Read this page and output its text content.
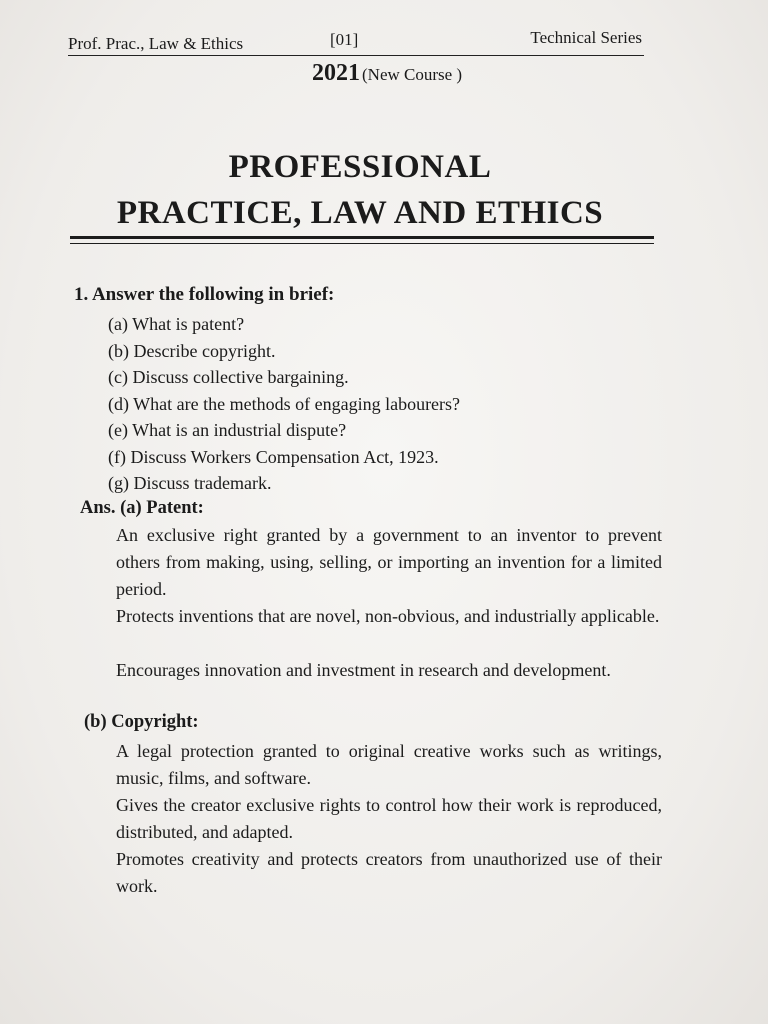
Prof. Prac., Law & Ethics	[01]	Technical Series
2021 (New Course )
PROFESSIONAL
PRACTICE, LAW AND ETHICS
1. Answer the following in brief:
(a) What is patent?
(b) Describe copyright.
(c) Discuss collective bargaining.
(d) What are the methods of engaging labourers?
(e) What is an industrial dispute?
(f) Discuss Workers Compensation Act, 1923.
(g) Discuss trademark.
Ans. (a) Patent:

An exclusive right granted by a government to an inventor to prevent others from making, using, selling, or importing an invention for a limited period.

Protects inventions that are novel, non-obvious, and industrially applicable.

Encourages innovation and investment in research and development.

(b) Copyright:

A legal protection granted to original creative works such as writings, music, films, and software.

Gives the creator exclusive rights to control how their work is reproduced, distributed, and adapted.

Promotes creativity and protects creators from unauthorized use of their work.
